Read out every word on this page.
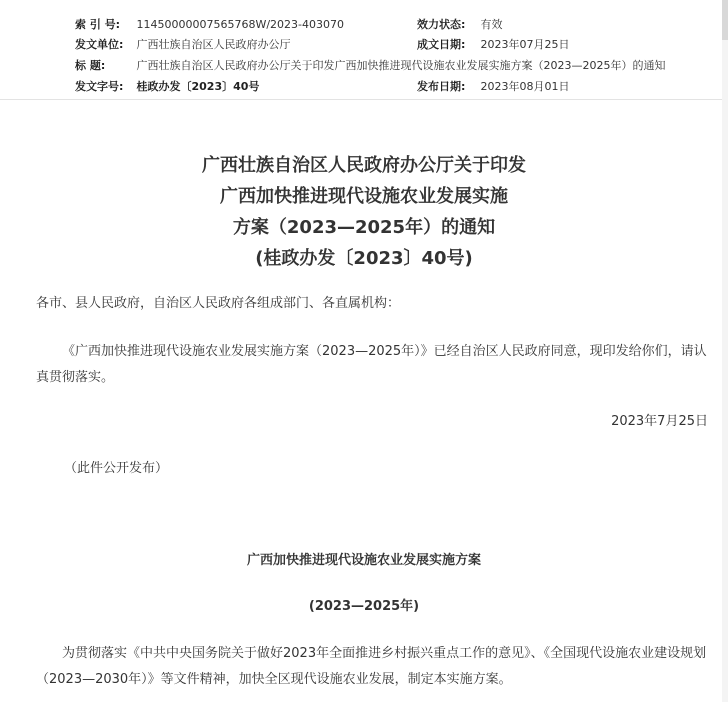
索 引 号: 11450000007565768W/2023-403070	效力状态: 有效
发文单位: 广西壮族自治区人民政府办公厅	成文日期: 2023年07月25日
标 题:	广西壮族自治区人民政府办公厅关于印发广西加快推进现代设施农业发展实施方案（2023—2025年）的通知
发文字号: 桂政办发〔2023〕40号	发布日期: 2023年08月01日
广西壮族自治区人民政府办公厅关于印发
广西加快推进现代设施农业发展实施
方案（2023—2025年）的通知
(桂政办发〔2023〕40号)
各市、县人民政府，自治区人民政府各组成部门、各直属机构：
《广西加快推进现代设施农业发展实施方案（2023—2025年）》已经自治区人民政府同意，现印发给你们，请认真贯彻落实。
2023年7月25日
（此件公开发布）
广西加快推进现代设施农业发展实施方案
(2023—2025年)
为贯彻落实《中共中央国务院关于做好2023年全面推进乡村振兴重点工作的意见》、《全国现代设施农业建设规划（2023—2030年）》等文件精神，加快全区现代设施农业发展，制定本实施方案。
